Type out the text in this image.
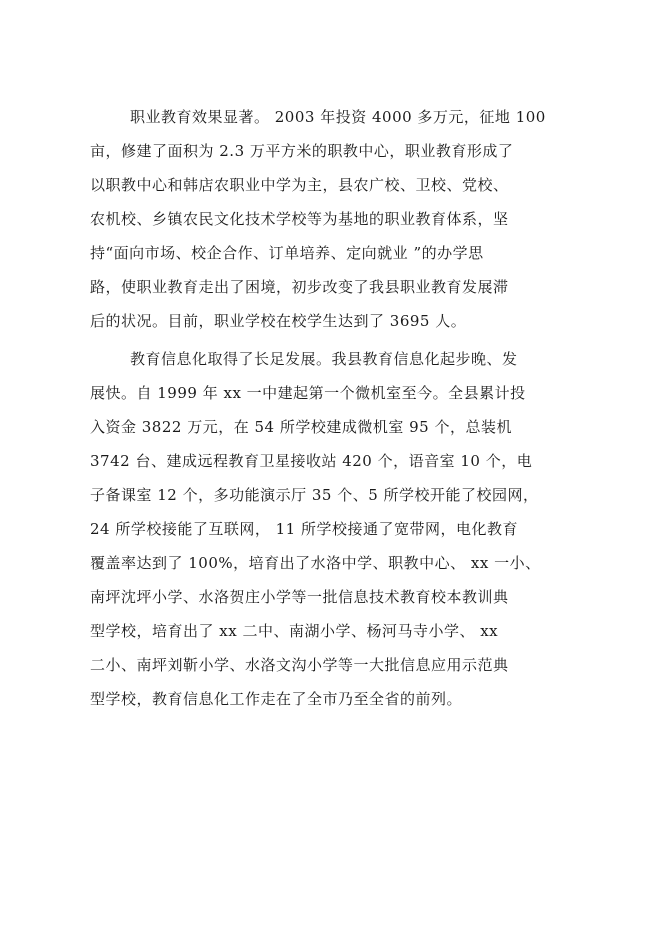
职业教育效果显著。 2003 年投资 4000 多万元，征地 100
亩，修建了面积为 2.3 万平方米的职教中心，职业教育形成了
以职教中心和韩店农职业中学为主，县农广校、卫校、党校、
农机校、乡镇农民文化技术学校等为基地的职业教育体系，坚
持“面向市场、校企合作、订单培养、定向就业 ”的办学思
路，使职业教育走出了困境，初步改变了我县职业教育发展滞
后的状况。目前，职业学校在校学生达到了 3695 人。

教育信息化取得了长足发展。我县教育信息化起步晚、发
展快。自 1999 年 xx 一中建起第一个微机室至今。全县累计投
入资金 3822 万元，在 54 所学校建成微机室 95 个，总装机
3742 台、建成远程教育卫星接收站 420 个，语音室 10 个，电
子备课室 12 个，多功能演示厅 35 个、5 所学校开能了校园网，
24 所学校接能了互联网， 11 所学校接通了宽带网，电化教育
覆盖率达到了 100%，培育出了水洛中学、职教中心、 xx 一小、
南坪沈坪小学、水洛贺庄小学等一批信息技术教育校本教训典
型学校，培育出了 xx 二中、南湖小学、杨河马寺小学、 xx
二小、南坪刘靳小学、水洛文沟小学等一大批信息应用示范典
型学校，教育信息化工作走在了全市乃至全省的前列。
